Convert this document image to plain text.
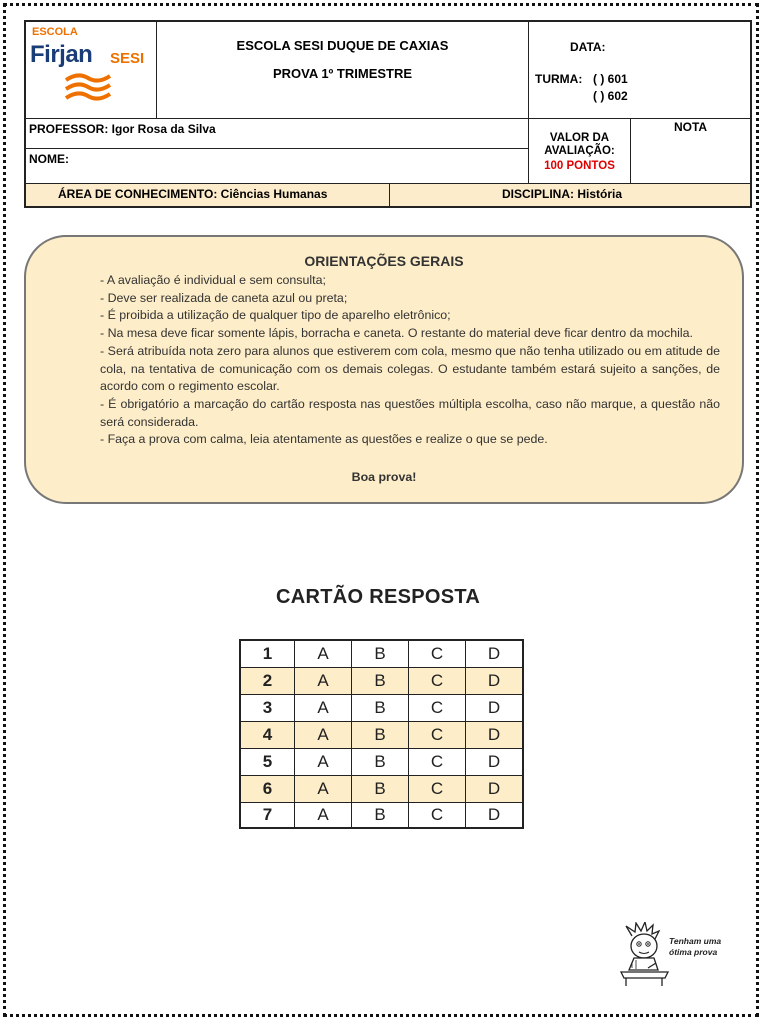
ESCOLA
Firjan SESI
ESCOLA SESI DUQUE DE CAXIAS
PROVA 1º TRIMESTRE
DATA:
TURMA: ( ) 601
( ) 602
PROFESSOR: Igor Rosa da Silva
NOME:
VALOR DA AVALIAÇÃO:
100 PONTOS
NOTA
ÁREA DE CONHECIMENTO: Ciências Humanas	DISCIPLINA: História
ORIENTAÇÕES GERAIS

- A avaliação é individual e sem consulta;

- Deve ser realizada de caneta azul ou preta;

- É proibida a utilização de qualquer tipo de aparelho eletrônico;

- Na mesa deve ficar somente lápis, borracha e caneta. O restante do material deve ficar dentro da mochila.

- Será atribuída nota zero para alunos que estiverem com cola, mesmo que não tenha utilizado ou em atitude de cola, na tentativa de comunicação com os demais colegas. O estudante também estará sujeito a sanções, de acordo com o regimento escolar.

- É obrigatório a marcação do cartão resposta nas questões múltipla escolha, caso não marque, a questão não será considerada.

- Faça a prova com calma, leia atentamente as questões e realize o que se pede.

Boa prova!
CARTÃO RESPOSTA
1	A	B	C	D
2	A	B	C	D
3	A	B	C	D
4	A	B	C	D
5	A	B	C	D
6	A	B	C	D
7	A	B	C	D
Tenham uma ótima prova
